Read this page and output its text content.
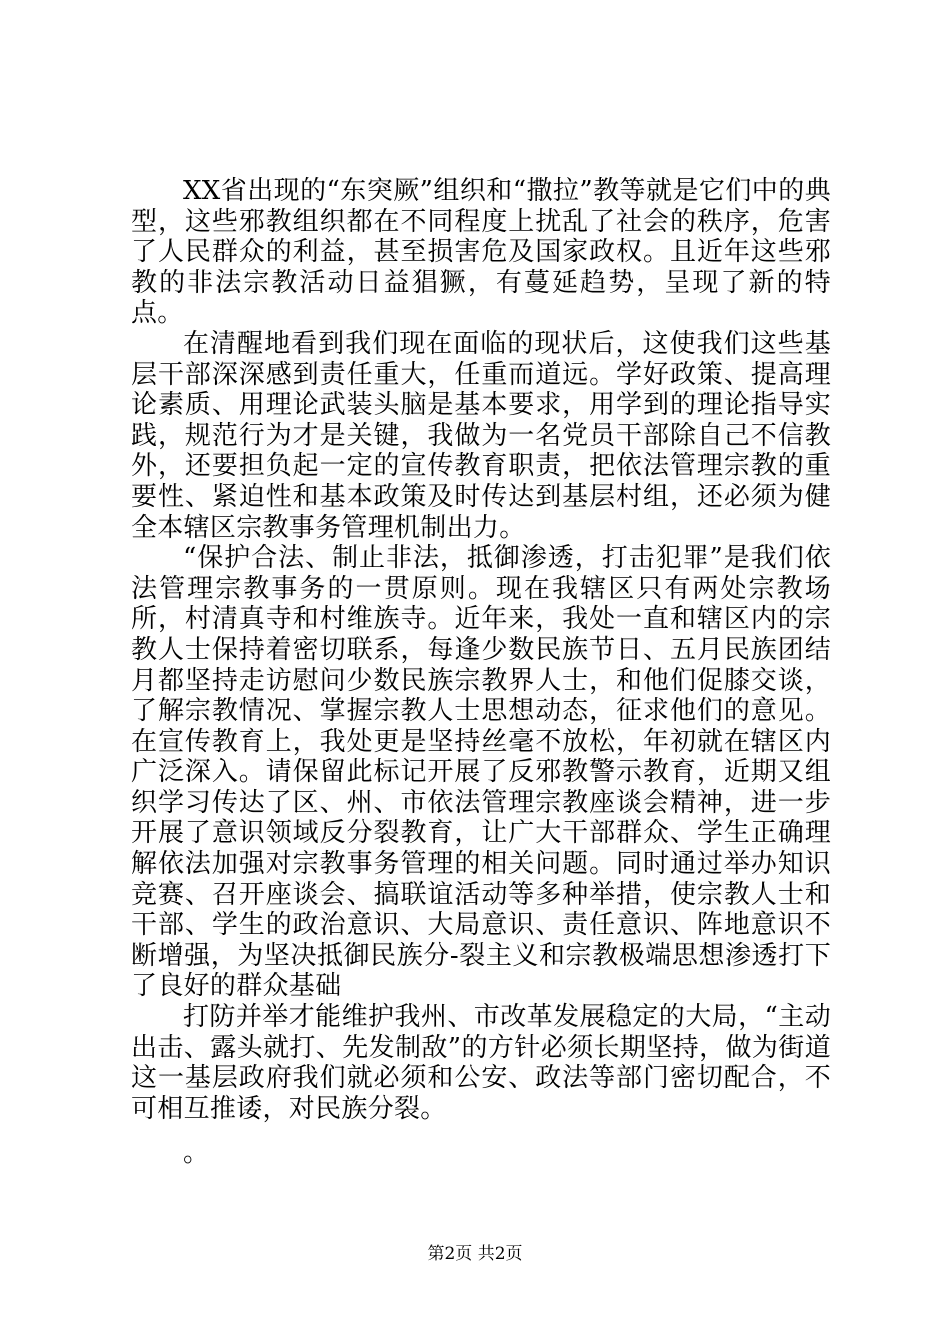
XX省出现的“东突厥”组织和“撒拉”教等就是它们中的典型，这些邪教组织都在不同程度上扰乱了社会的秩序，危害了人民群众的利益，甚至损害危及国家政权。且近年这些邪教的非法宗教活动日益猖獗，有蔓延趋势，呈现了新的特点。

在清醒地看到我们现在面临的现状后，这使我们这些基层干部深深感到责任重大，任重而道远。学好政策、提高理论素质、用理论武装头脑是基本要求，用学到的理论指导实践，规范行为才是关键，我做为一名党员干部除自己不信教外，还要担负起一定的宣传教育职责，把依法管理宗教的重要性、紧迫性和基本政策及时传达到基层村组，还必须为健全本辖区宗教事务管理机制出力。

“保护合法、制止非法，抵御渗透，打击犯罪”是我们依法管理宗教事务的一贯原则。现在我辖区只有两处宗教场所，村清真寺和村维族寺。近年来，我处一直和辖区内的宗教人士保持着密切联系，每逢少数民族节日、五月民族团结月都坚持走访慰问少数民族宗教界人士，和他们促膝交谈，了解宗教情况、掌握宗教人士思想动态，征求他们的意见。在宣传教育上，我处更是坚持丝毫不放松，年初就在辖区内广泛深入。请保留此标记开展了反邪教警示教育，近期又组织学习传达了区、州、市依法管理宗教座谈会精神，进一步开展了意识领域反分裂教育，让广大干部群众、学生正确理解依法加强对宗教事务管理的相关问题。同时通过举办知识竞赛、召开座谈会、搞联谊活动等多种举措，使宗教人士和干部、学生的政治意识、大局意识、责任意识、阵地意识不断增强，为坚决抵御民族分-裂主义和宗教极端思想渗透打下了良好的群众基础

打防并举才能维护我州、市改革发展稳定的大局，“主动出击、露头就打、先发制敌”的方针必须长期坚持，做为街道这一基层政府我们就必须和公安、政法等部门密切配合，不可相互推诿，对民族分裂。

。

第2页 共2页
